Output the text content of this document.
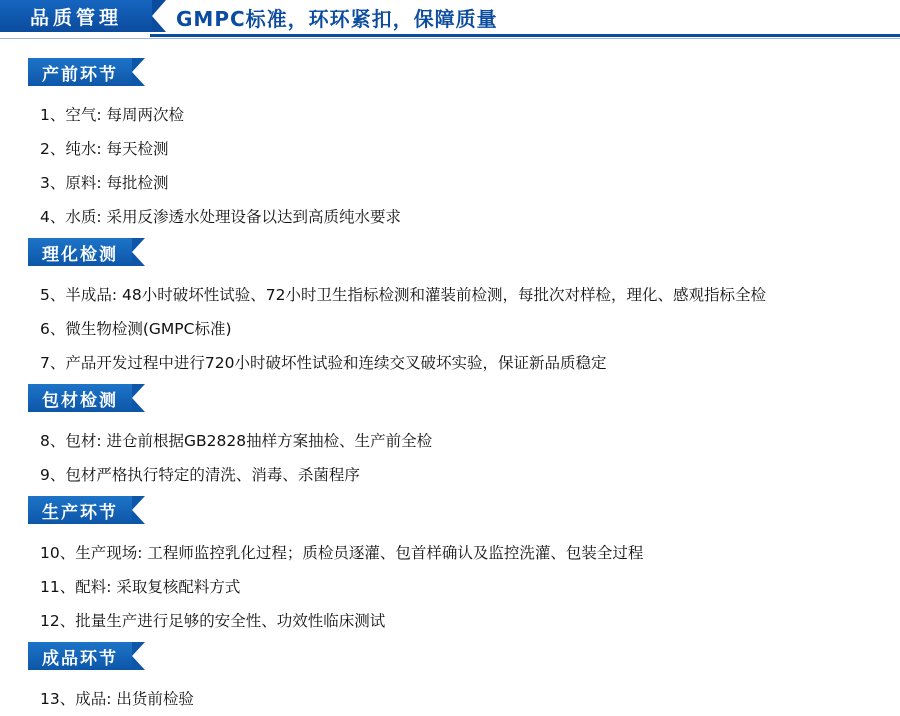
品质管理	GMPC标准，环环紧扣，保障质量
产前环节
1、空气: 每周两次检
2、纯水: 每天检测
3、原料: 每批检测
4、水质: 采用反渗透水处理设备以达到高质纯水要求
理化检测
5、半成品: 48小时破坏性试验、72小时卫生指标检测和灌装前检测，每批次对样检，理化、感观指标全检
6、微生物检测(GMPC标准)
7、产品开发过程中进行720小时破坏性试验和连续交叉破坏实验，保证新品质稳定
包材检测
8、包材: 进仓前根据GB2828抽样方案抽检、生产前全检
9、包材严格执行特定的清洗、消毒、杀菌程序
生产环节
10、生产现场: 工程师监控乳化过程；质检员逐灌、包首样确认及监控洗灌、包装全过程
11、配料: 采取复核配料方式
12、批量生产进行足够的安全性、功效性临床测试
成品环节
13、成品: 出货前检验
